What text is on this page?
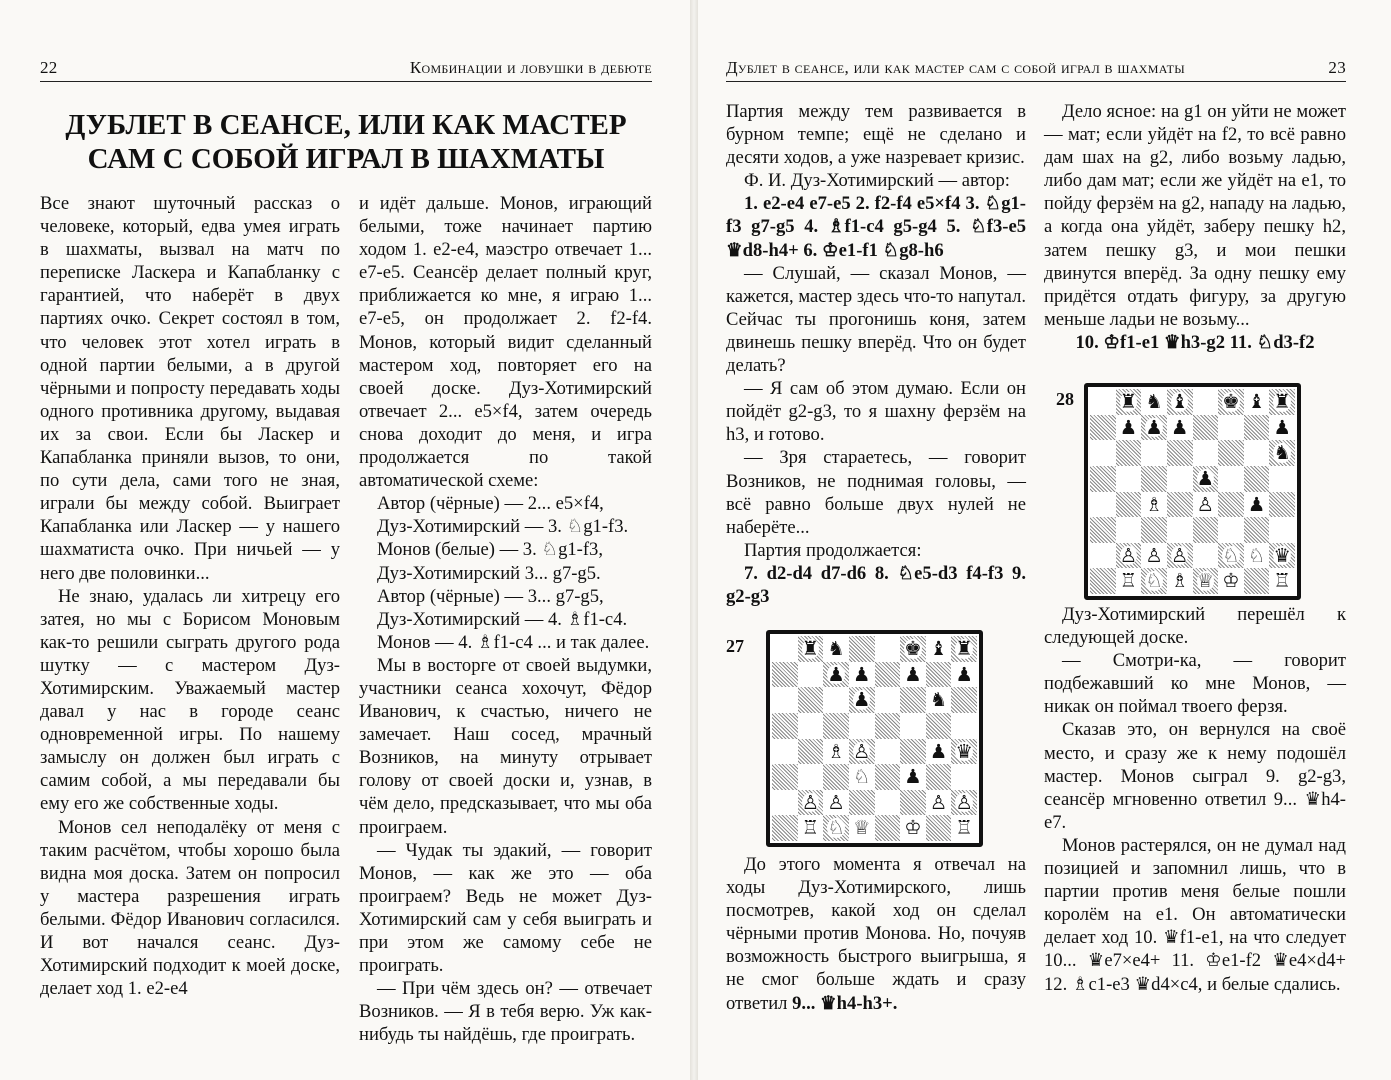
22	Комбинации и ловушки в дебюте
ДУБЛЕТ В СЕАНСЕ, ИЛИ КАК МАСТЕР
САМ С СОБОЙ ИГРАЛ В ШАХМАТЫ

Все знают шуточный рассказ о человеке, который, едва умея играть в шахматы, вызвал на матч по переписке Ласкера и Капабланку с гарантией, что наберёт в двух партиях очко. Секрет состоял в том, что человек этот хотел играть в одной партии белыми, а в другой чёрными и попросту передавать ходы одного противника другому, выдавая их за свои. Если бы Ласкер и Капабланка приняли вызов, то они, по сути дела, сами того не зная, играли бы между собой. Выиграет Капабланка или Ласкер — у нашего шахматиста очко. При ничьей — у него две половинки...

Не знаю, удалась ли хитрецу его затея, но мы с Борисом Моновым как-то решили сыграть другого рода шутку — с мастером Дуз-Хотимирским. Уважаемый мастер давал у нас в городе сеанс одновременной игры. По нашему замыслу он должен был играть с самим собой, а мы передавали бы ему его же собственные ходы.

Монов сел неподалёку от меня с таким расчётом, чтобы хорошо была видна моя доска. Затем он попросил у мастера разрешения играть белыми. Фёдор Иванович согласился. И вот начался сеанс. Дуз-Хотимирский подходит к моей доске, делает ход 1. e2-e4

и идёт дальше. Монов, играющий белыми, тоже начинает партию ходом 1. e2-e4, маэстро отвечает 1... e7-e5. Сеансёр делает полный круг, приближается ко мне, я играю 1... e7-e5, он продолжает 2. f2-f4. Монов, который видит сделанный мастером ход, повторяет его на своей доске. Дуз-Хотимирский отвечает 2... e5×f4, затем очередь снова доходит до меня, и игра продолжается по такой автоматической схеме:

Автор (чёрные) — 2... e5×f4,
Дуз-Хотимирский — 3. ♘g1-f3.
Монов (белые) — 3. ♘g1-f3,
Дуз-Хотимирский 3... g7-g5.
Автор (чёрные) — 3... g7-g5,
Дуз-Хотимирский — 4. ♗f1-c4.
Монов — 4. ♗f1-c4 ... и так далее.

Мы в восторге от своей выдумки, участники сеанса хохочут, Фёдор Иванович, к счастью, ничего не замечает. Наш сосед, мрачный Возников, на минуту отрывает голову от своей доски и, узнав, в чём дело, предсказывает, что мы оба проиграем.

— Чудак ты эдакий, — говорит Монов, — как же это — оба проиграем? Ведь не может Дуз-Хотимирский сам у себя выиграть и при этом же самому себе не проиграть.

— При чём здесь он? — отвечает Возников. — Я в тебя верю. Уж как-нибудь ты найдёшь, где проиграть.

Дублет в сеансе, или как мастер сам с собой играл в шахматы	23

Партия между тем развивается в бурном темпе; ещё не сделано и десяти ходов, а уже назревает кризис.

Ф. И. Дуз-Хотимирский — автор:

1. e2-e4 e7-e5 2. f2-f4 e5×f4 3. ♘g1-f3 g7-g5 4. ♗f1-c4 g5-g4 5. ♘f3-e5 ♛d8-h4+ 6. ♔e1-f1 ♘g8-h6

— Слушай, — сказал Монов, — кажется, мастер здесь что-то напутал. Сейчас ты прогонишь коня, затем двинешь пешку вперёд. Что он будет делать?

— Я сам об этом думаю. Если он пойдёт g2-g3, то я шахну ферзём на h3, и готово.

— Зря стараетесь, — говорит Возников, не поднимая головы, — всё равно больше двух нулей не наберёте...

Партия продолжается:

7. d2-d4 d7-d6 8. ♘e5-d3 f4-f3 9. g2-g3

27	♜ ♞	♚ ♝ ♜
♟ ♟ ♟ ♟
♟	♞
♗ ♙	♟ ♛
♘ ♟
♙ ♙	♙ ♙
♖ ♘ ♕ ♔ ♖

До этого момента я отвечал на ходы Дуз-Хотимирского, лишь посмотрев, какой ход он сделал чёрными против Монова. Но, почуяв возможность быстрого выигрыша, я не смог больше ждать и сразу ответил 9... ♛h4-h3+.

Дело ясное: на g1 он уйти не может — мат; если уйдёт на f2, то всё равно дам шах на g2, либо возьму ладью, либо дам мат; если же уйдёт на e1, то пойду ферзём на g2, нападу на ладью, а когда она уйдёт, заберу пешку h2, затем пешку g3, и мои пешки двинутся вперёд. За одну пешку ему придётся отдать фигуру, за другую меньше ладьи не возьму...

10. ♔f1-e1 ♛h3-g2 11. ♘d3-f2

28 ♜ ♞ ♝ ♚ ♝ ♜
♟ ♟ ♟	♟
♞
♟
♗ ♙ ♟
♙ ♙ ♙ ♘ ♘ ♛
♖ ♘ ♗ ♕ ♔ ♖

Дуз-Хотимирский перешёл к следующей доске.

— Смотри-ка, — говорит подбежавший ко мне Монов, — никак он поймал твоего ферзя.

Сказав это, он вернулся на своё место, и сразу же к нему подошёл мастер. Монов сыграл 9. g2-g3, сеансёр мгновенно ответил 9... ♛h4-e7.

Монов растерялся, он не думал над позицией и запомнил лишь, что в партии против меня белые пошли королём на e1. Он автоматически делает ход 10. ♛f1-e1, на что следует 10... ♛e7×e4+ 11. ♔e1-f2 ♛e4×d4+ 12. ♗c1-e3 ♛d4×c4, и белые сдались.
